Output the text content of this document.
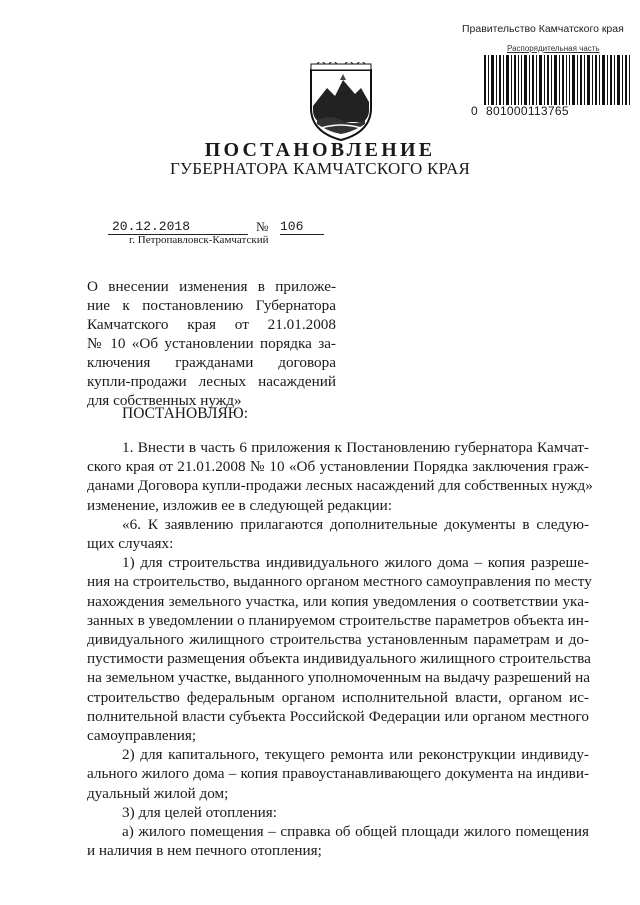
Правительство Камчатского края
Распорядительная часть
0 801000113765
ПОСТАНОВЛЕНИЕ
ГУБЕРНАТОРА КАМЧАТСКОГО КРАЯ
20.12.2018	№ 106
г. Петропавловск-Камчатский
О внесении изменения в приложе-
ние к постановлению Губернатора
Камчатского края от 21.01.2008
№ 10 «Об установлении порядка за-
ключения гражданами договора
купли-продажи лесных насаждений
для собственных нужд»
ПОСТАНОВЛЯЮ:
1. Внести в часть 6 приложения к Постановлению губернатора Камчат-
ского края от 21.01.2008 № 10 «Об установлении Порядка заключения граж-
данами Договора купли-продажи лесных насаждений для собственных нужд»
изменение, изложив ее в следующей редакции:
«6. К заявлению прилагаются дополнительные документы в следую-
щих случаях:
1) для строительства индивидуального жилого дома – копия разреше-
ния на строительство, выданного органом местного самоуправления по месту
нахождения земельного участка, или копия уведомления о соответствии ука-
занных в уведомлении о планируемом строительстве параметров объекта ин-
дивидуального жилищного строительства установленным параметрам и до-
пустимости размещения объекта индивидуального жилищного строительства
на земельном участке, выданного уполномоченным на выдачу разрешений на
строительство федеральным органом исполнительной власти, органом ис-
полнительной власти субъекта Российской Федерации или органом местного
самоуправления;
2) для капитального, текущего ремонта или реконструкции индивиду-
ального жилого дома – копия правоустанавливающего документа на индиви-
дуальный жилой дом;
3) для целей отопления:
а) жилого помещения – справка об общей площади жилого помещения
и наличия в нем печного отопления;
